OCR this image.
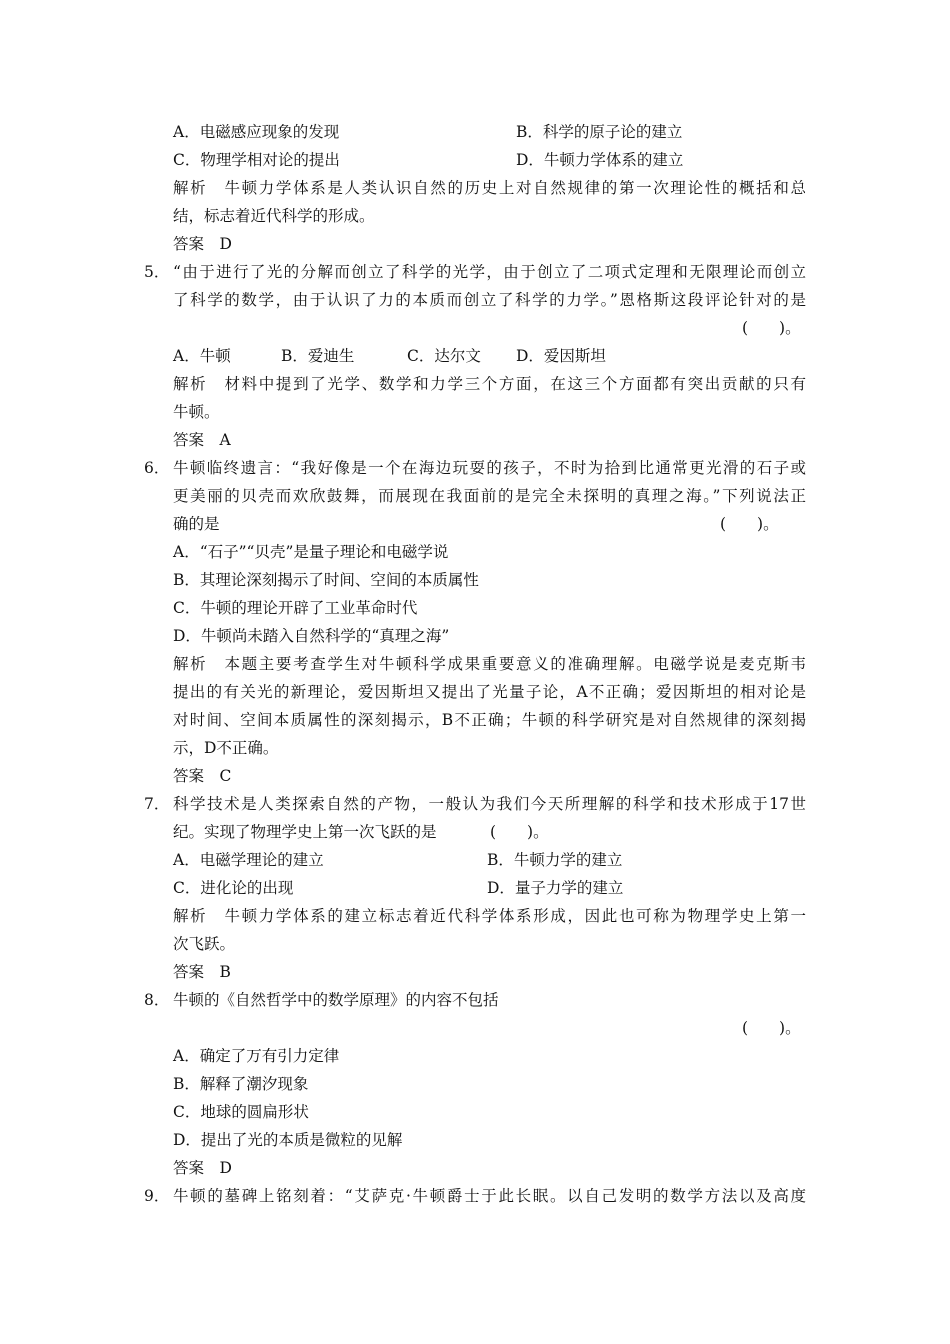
A．电磁感应现象的发现	B．科学的原子论的建立
C．物理学相对论的提出	D．牛顿力学体系的建立
解析　牛顿力学体系是人类认识自然的历史上对自然规律的第一次理论性的概括和总
结，标志着近代科学的形成。
答案　D
5． “由于进行了光的分解而创立了科学的光学，由于创立了二项式定理和无限理论而创立
了科学的数学，由于认识了力的本质而创立了科学的力学。”恩格斯这段评论针对的是
(　　)。
A．牛顿	B．爱迪生	C．达尔文 D．爱因斯坦
解析　材料中提到了光学、数学和力学三个方面，在这三个方面都有突出贡献的只有
牛顿。
答案　A
6． 牛顿临终遗言：“我好像是一个在海边玩耍的孩子，不时为拾到比通常更光滑的石子或
更美丽的贝壳而欢欣鼓舞，而展现在我面前的是完全未探明的真理之海。”下列说法正
确的是	(　　)。
A．“石子”“贝壳”是量子理论和电磁学说
B．其理论深刻揭示了时间、空间的本质属性
C．牛顿的理论开辟了工业革命时代
D．牛顿尚未踏入自然科学的“真理之海”
解析　本题主要考查学生对牛顿科学成果重要意义的准确理解。电磁学说是麦克斯韦
提出的有关光的新理论，爱因斯坦又提出了光量子论，A不正确；爱因斯坦的相对论是
对时间、空间本质属性的深刻揭示，B不正确；牛顿的科学研究是对自然规律的深刻揭
示，D不正确。
答案　C
7． 科学技术是人类探索自然的产物，一般认为我们今天所理解的科学和技术形成于17世
纪。实现了物理学史上第一次飞跃的是	(　　)。
A．电磁学理论的建立	B．牛顿力学的建立
C．进化论的出现	D．量子力学的建立
解析　牛顿力学体系的建立标志着近代科学体系形成，因此也可称为物理学史上第一
次飞跃。
答案　B
8． 牛顿的《自然哲学中的数学原理》的内容不包括
(　　)。
A．确定了万有引力定律
B．解释了潮汐现象
C．地球的圆扁形状
D．提出了光的本质是微粒的见解
答案　D
9． 牛顿的墓碑上铭刻着：“艾萨克·牛顿爵士于此长眠。以自己发明的数学方法以及高度
